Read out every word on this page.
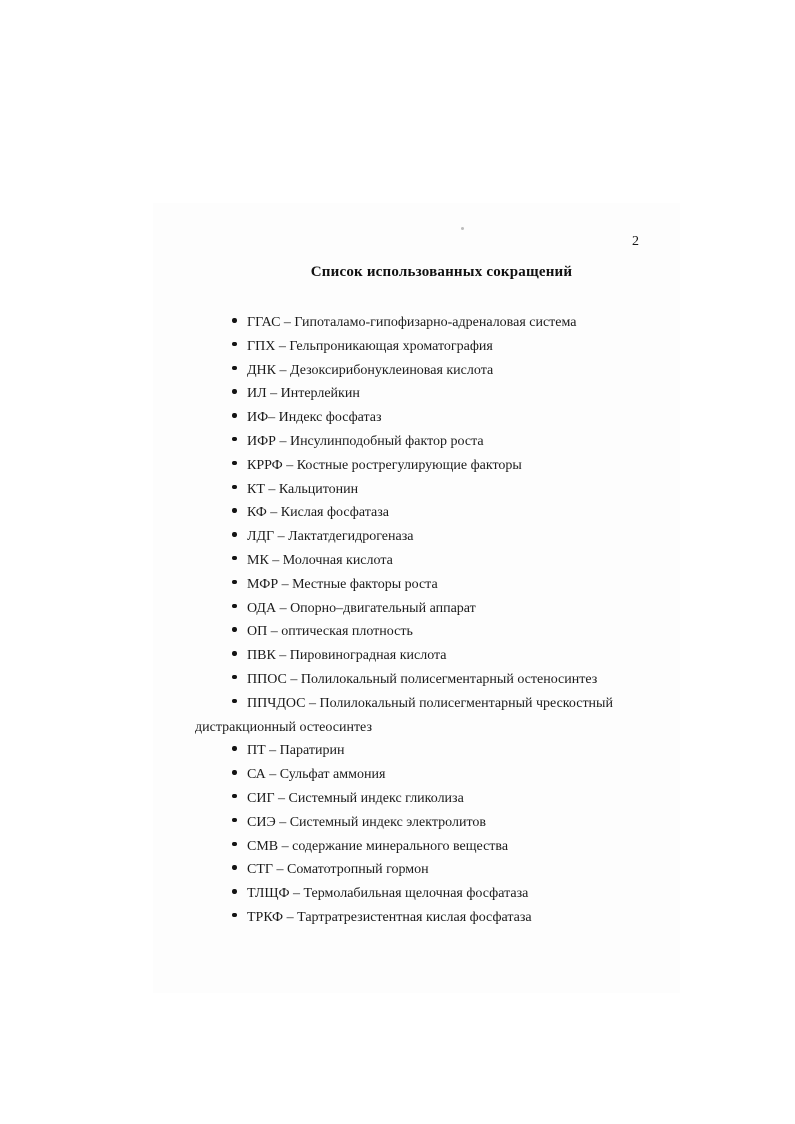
2
Список использованных сокращений
ГГАС – Гипоталамо-гипофизарно-адреналовая система
ГПХ – Гельпроникающая хроматография
ДНК – Дезоксирибонуклеиновая кислота
ИЛ – Интерлейкин
ИФ– Индекс фосфатаз
ИФР – Инсулинподобный фактор роста
КРРФ – Костные рострегулирующие факторы
КТ – Кальцитонин
КФ – Кислая фосфатаза
ЛДГ – Лактатдегидрогеназа
МК – Молочная кислота
МФР – Местные факторы роста
ОДА – Опорно–двигательный аппарат
ОП – оптическая плотность
ПВК – Пировиноградная кислота
ППОС – Полилокальный полисегментарный остеносинтез
ППЧДОС – Полилокальный полисегментарный чрескостный
дистракционный остеосинтез
ПТ – Паратирин
СА – Сульфат аммония
СИГ – Системный индекс гликолиза
СИЭ – Системный индекс электролитов
СМВ – содержание минерального вещества
СТГ – Соматотропный гормон
ТЛЩФ – Термолабильная щелочная фосфатаза
ТРКФ – Тартратрезистентная кислая фосфатаза
